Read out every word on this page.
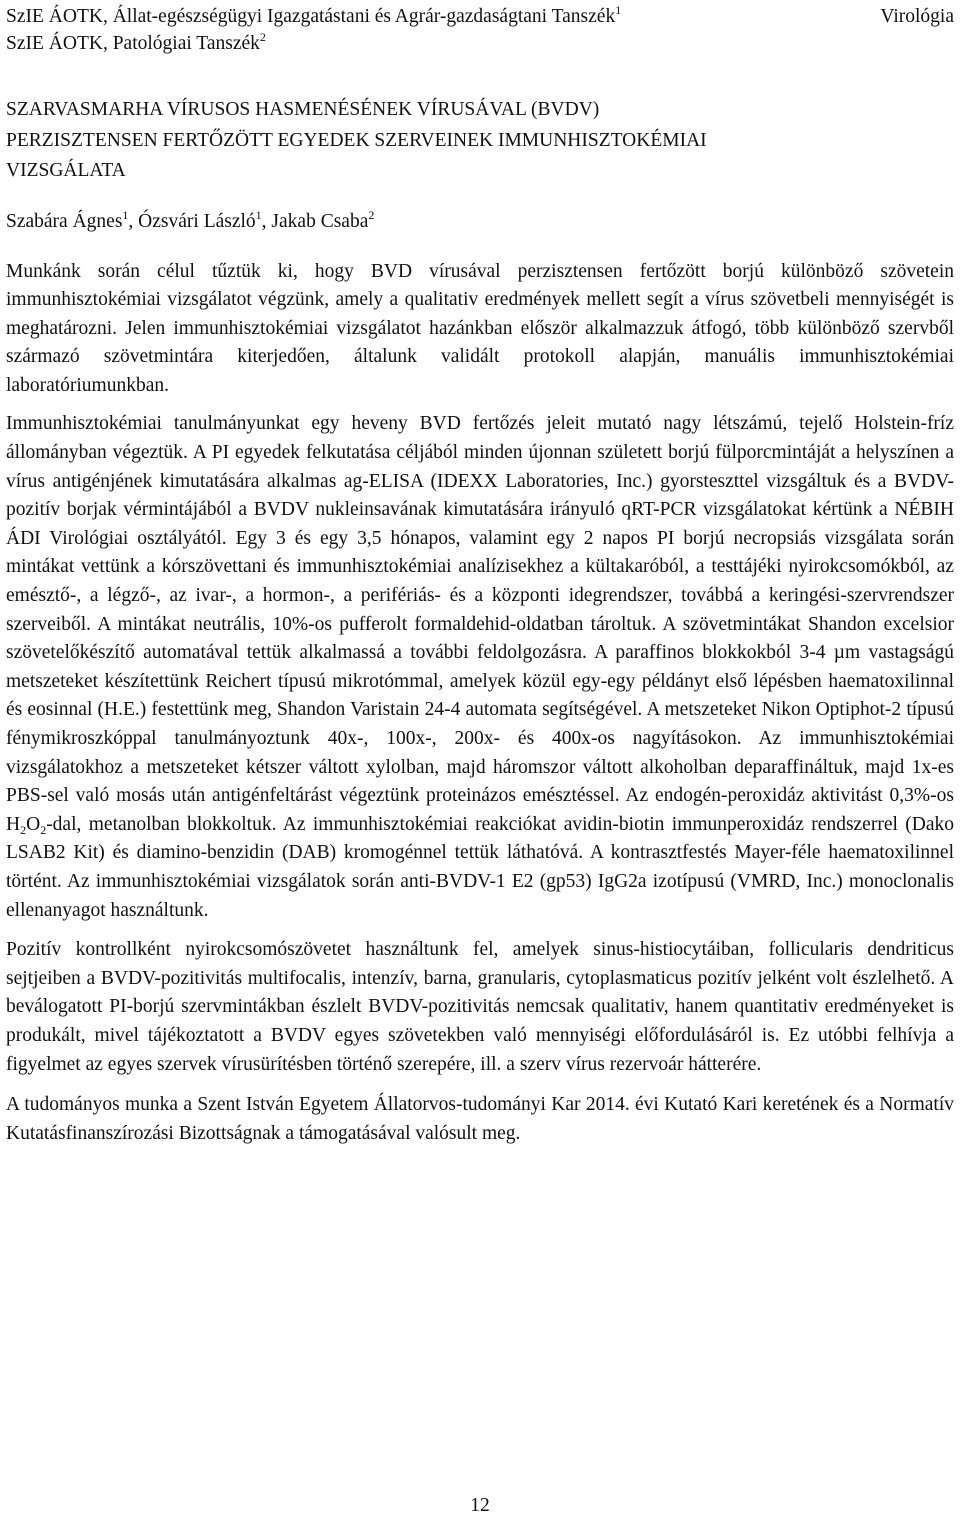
SzIE ÁOTK, Állat-egészségügyi Igazgatástani és Agrár-gazdaságtani Tanszék$^1$
SzIE ÁOTK, Patológiai Tanszék$^2$
Virológia
SZARVASMARHA VÍRUSOS HASMENÉSÉNEK VÍRUSÁVAL (BVDV)
PERZISZTENSEN FERTŐZÖTT EGYEDEK SZERVEINEK IMMUNHISZTOKÉMIAI
VIZSGÁLATA
Szabára Ágnes$^1$, Ózsvári László$^1$, Jakab Csaba$^2$

Munkánk során célul tűztük ki, hogy BVD vírusával perzisztensen fertőzött borjú különböző szövetein immunhisztokémiai vizsgálatot végzünk, amely a qualitativ eredmények mellett segít a vírus szövetbeli mennyiségét is meghatározni. Jelen immunhisztokémiai vizsgálatot hazánkban először alkalmazzuk átfogó, több különböző szervből származó szövetmintára kiterjedően, általunk validált protokoll alapján, manuális immunhisztokémiai laboratóriumunkban.

Immunhisztokémiai tanulmányunkat egy heveny BVD fertőzés jeleit mutató nagy létszámú, tejelő Holstein-fríz állományban végeztük. A PI egyedek felkutatása céljából minden újonnan született borjú fülporcmintáját a helyszínen a vírus antigénjének kimutatására alkalmas ag-ELISA (IDEXX Laboratories, Inc.) gyorsteszttel vizsgáltuk és a BVDV-pozitív borjak vérmintájából a BVDV nukleinsavának kimutatására irányuló qRT-PCR vizsgálatokat kértünk a NÉBIH ÁDI Virológiai osztályától. Egy 3 és egy 3,5 hónapos, valamint egy 2 napos PI borjú necropsiás vizsgálata során mintákat vettünk a kórszövettani és immunhisztokémiai analízisekhez a kültakaróból, a testtájéki nyirokcsomókból, az emésztő-, a légző-, az ivar-, a hormon-, a perifériás- és a központi idegrendszer, továbbá a keringési-szervrendszer szerveiből. A mintákat neutrális, 10%-os pufferolt formaldehid-oldatban tároltuk. A szövetmintákat Shandon excelsior szövetelőkészítő automatával tettük alkalmassá a további feldolgozásra. A paraffinos blokkokból 3-4 µm vastagságú metszeteket készítettünk Reichert típusú mikrotómmal, amelyek közül egy-egy példányt első lépésben haematoxilinnal és eosinnal (H.E.) festettünk meg, Shandon Varistain 24-4 automata segítségével. A metszeteket Nikon Optiphot-2 típusú fénymikroszkóppal tanulmányoztunk 40x-, 100x-, 200x- és 400x-os nagyításokon. Az immunhisztokémiai vizsgálatokhoz a metszeteket kétszer váltott xylolban, majd háromszor váltott alkoholban deparaffináltuk, majd 1x-es PBS-sel való mosás után antigénfeltárást végeztünk proteinázos emésztéssel. Az endogén-peroxidáz aktivitást 0,3%-os $H_2O_2$-dal, metanolban blokkoltuk. Az immunhisztokémiai reakciókat avidin-biotin immunperoxidáz rendszerrel (Dako LSAB2 Kit) és diamino-benzidin (DAB) kromogénnel tettük láthatóvá. A kontrasztfestés Mayer-féle haematoxilinnel történt. Az immunhisztokémiai vizsgálatok során anti-BVDV-1 E2 (gp53) IgG2a izotípusú (VMRD, Inc.) monoclonalis ellenanyagot használtunk.

Pozitív kontrollként nyirokcsomószövetet használtunk fel, amelyek sinus-histiocytáiban, follicularis dendriticus sejtjeiben a BVDV-pozitivitás multifocalis, intenzív, barna, granularis, cytoplasmaticus pozitív jelként volt észlelhető. A beválogatott PI-borjú szervmintákban észlelt BVDV-pozitivitás nemcsak qualitativ, hanem quantitativ eredményeket is produkált, mivel tájékoztatott a BVDV egyes szövetekben való mennyiségi előfordulásáról is. Ez utóbbi felhívja a figyelmet az egyes szervek vírusürítésben történő szerepére, ill. a szerv vírus rezervoár hátterére.

A tudományos munka a Szent István Egyetem Állatorvos-tudományi Kar 2014. évi Kutató Kari keretének és a Normatív Kutatásfinanszírozási Bizottságnak a támogatásával valósult meg.

12
